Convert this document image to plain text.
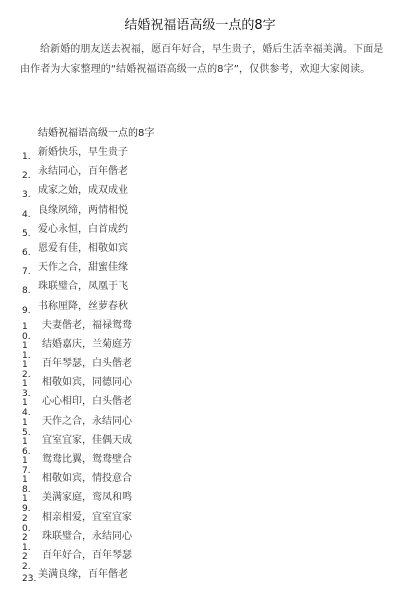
结婚祝福语高级一点的8字
给新婚的朋友送去祝福，愿百年好合，早生贵子，婚后生活幸福美满。下面是由作者为大家整理的“结婚祝福语高级一点的8字”，仅供参考，欢迎大家阅读。
结婚祝福语高级一点的8字
1. 新婚快乐，早生贵子
2. 永结同心，百年偕老
3. 成家之始，成双成业
4. 良缘夙缔，两情相悦
5. 爱心永恒，白首成约
6. 恩爱有佳，相敬如宾
7. 天作之合，甜蜜佳缘
8. 珠联璧合，凤凰于飞
9. 书称厘降，丝萝春秋
10.
夫妻偕老，福禄鸳鸯
11.
结婚嘉庆，兰菊庭芳
12.
百年琴瑟，白头偕老
13.
相敬如宾，同德同心
14.
心心相印，白头偕老
15.
天作之合，永结同心
16.
宜室宜家，佳偶天成
17.
鸳鸯比翼，鸳鸯壁合
18.
相敬如宾，情投意合
19.
美满家庭，鸾凤和鸣
20.
相亲相爱，宜室宜家
21.
珠联璧合，永结同心
22.
百年好合，百年琴瑟
23. 美满良缘，百年偕老
